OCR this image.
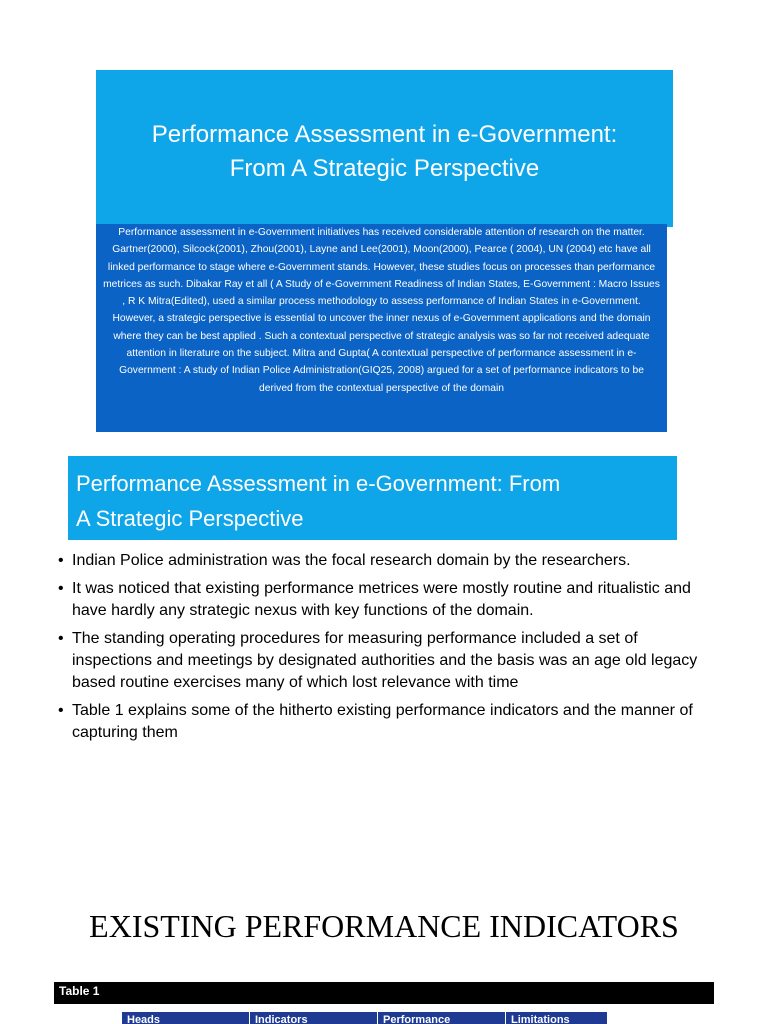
Performance Assessment in e-Government:
From A Strategic Perspective
Performance assessment in e-Government initiatives has received considerable attention of research on the matter. Gartner(2000), Silcock(2001), Zhou(2001), Layne and Lee(2001), Moon(2000), Pearce ( 2004), UN (2004) etc have all linked performance to stage where e-Government stands. However, these studies focus on processes than performance metrices as such. Dibakar Ray et all ( A Study of e-Government Readiness of Indian States, E-Government : Macro Issues , R K Mitra(Edited), used a similar process methodology to assess performance of Indian States in e-Government. However, a strategic perspective is essential to uncover the inner nexus of e-Government applications and the domain where they can be best applied . Such a contextual perspective of strategic analysis was so far not received adequate attention in literature on the subject. Mitra and Gupta( A contextual perspective of performance assessment in e-Government : A study of Indian Police Administration(GIQ25, 2008) argued for a set of performance indicators to be derived from the contextual perspective of the domain
Performance Assessment in e-Government: From
A Strategic Perspective
• Indian Police administration was the focal research domain by the researchers.
• It was noticed that existing performance metrices were mostly routine and ritualistic and have hardly any strategic nexus with key functions of the domain.
• The standing operating procedures for measuring performance included a set of inspections and meetings by designated authorities and the basis was an age old legacy based routine exercises many of which lost relevance with time
• Table 1 explains some of the hitherto existing performance indicators and the manner of capturing them
EXISTING PERFORMANCE INDICATORS
Table 1
Heads	Indicators	Performance	Limitations
